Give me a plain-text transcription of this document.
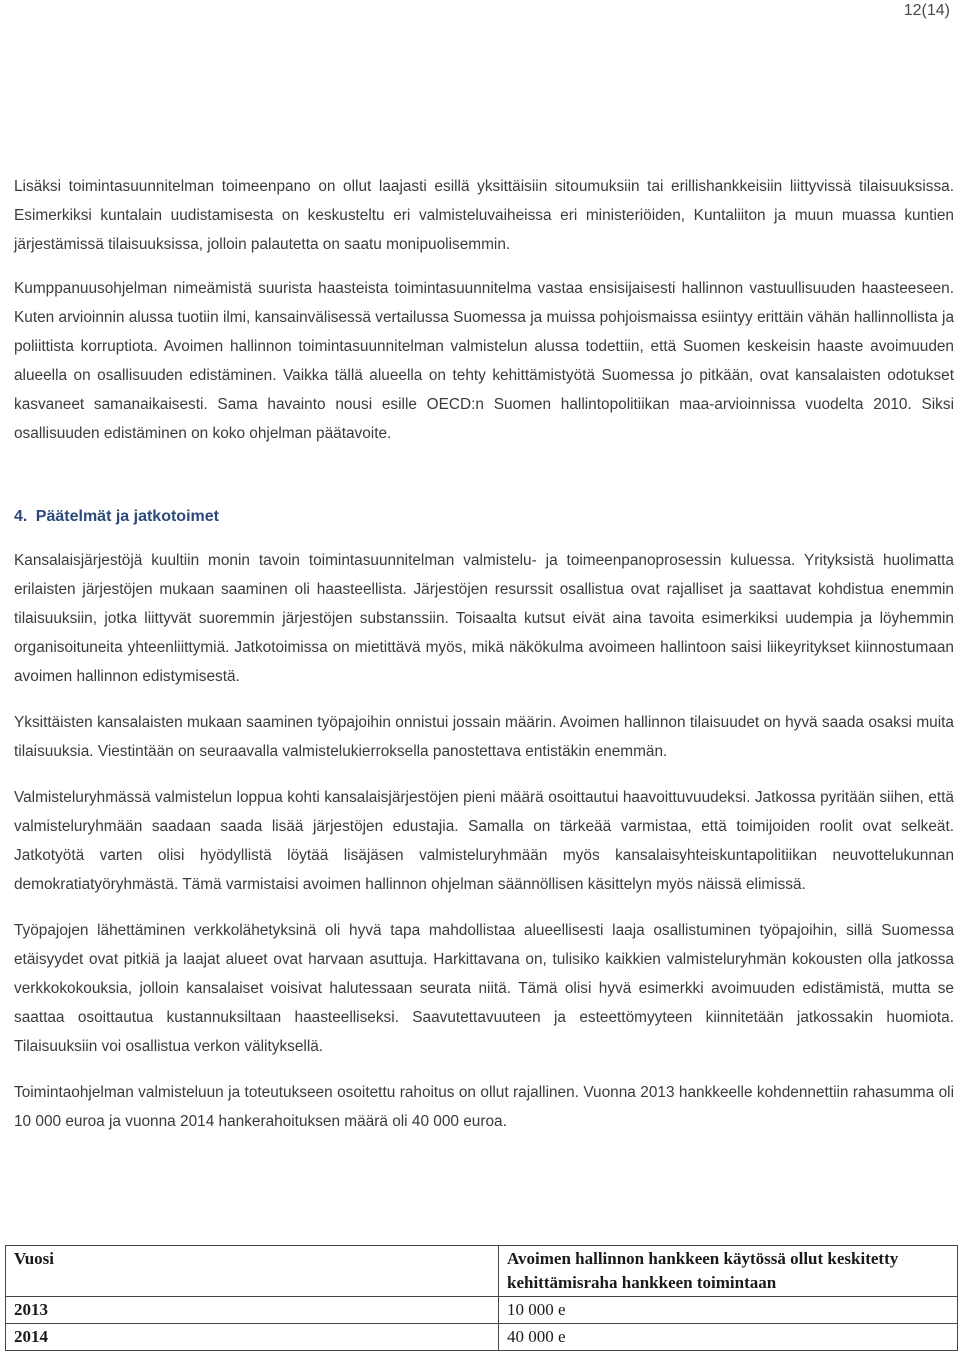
12(14)

Lisäksi toimintasuunnitelman toimeenpano on ollut laajasti esillä yksittäisiin sitoumuksiin tai erillishankkeisiin liittyvissä tilaisuuksissa. Esimerkiksi kuntalain uudistamisesta on keskusteltu eri valmisteluvaiheissa eri ministeriöiden, Kuntaliiton ja muun muassa kuntien järjestämissä tilaisuuksissa, jolloin palautetta on saatu monipuolisemmin.

Kumppanuusohjelman nimeämistä suurista haasteista toimintasuunnitelma vastaa ensisijaisesti hallinnon vastuullisuuden haasteeseen. Kuten arvioinnin alussa tuotiin ilmi, kansainvälisessä vertailussa Suomessa ja muissa pohjoismaissa esiintyy erittäin vähän hallinnollista ja poliittista korruptiota. Avoimen hallinnon toimintasuunnitelman valmistelun alussa todettiin, että Suomen keskeisin haaste avoimuuden alueella on osallisuuden edistäminen. Vaikka tällä alueella on tehty kehittämistyötä Suomessa jo pitkään, ovat kansalaisten odotukset kasvaneet samanaikaisesti. Sama havainto nousi esille OECD:n Suomen hallintopolitiikan maa-arvioinnissa vuodelta 2010. Siksi osallisuuden edistäminen on koko ohjelman päätavoite.

4. Päätelmät ja jatkotoimet

Kansalaisjärjestöjä kuultiin monin tavoin toimintasuunnitelman valmistelu- ja toimeenpanoprosessin kuluessa. Yrityksistä huolimatta erilaisten järjestöjen mukaan saaminen oli haasteellista. Järjestöjen resurssit osallistua ovat rajalliset ja saattavat kohdistua enemmin tilaisuuksiin, jotka liittyvät suoremmin järjestöjen substanssiin. Toisaalta kutsut eivät aina tavoita esimerkiksi uudempia ja löyhemmin organisoituneita yhteenliittymiä. Jatkotoimissa on mietittävä myös, mikä näkökulma avoimeen hallintoon saisi liikeyritykset kiinnostumaan avoimen hallinnon edistymisestä.

Yksittäisten kansalaisten mukaan saaminen työpajoihin onnistui jossain määrin. Avoimen hallinnon tilaisuudet on hyvä saada osaksi muita tilaisuuksia. Viestintään on seuraavalla valmistelukierroksella panostettava entistäkin enemmän.

Valmisteluryhmässä valmistelun loppua kohti kansalaisjärjestöjen pieni määrä osoittautui haavoittuvuudeksi. Jatkossa pyritään siihen, että valmisteluryhmään saadaan saada lisää järjestöjen edustajia. Samalla on tärkeää varmistaa, että toimijoiden roolit ovat selkeät. Jatkotyötä varten olisi hyödyllistä löytää lisäjäsen valmisteluryhmään myös kansalaisyhteiskuntapolitiikan neuvottelukunnan demokratiatyöryhmästä. Tämä varmistaisi avoimen hallinnon ohjelman säännöllisen käsittelyn myös näissä elimissä.

Työpajojen lähettäminen verkkolähetyksinä oli hyvä tapa mahdollistaa alueellisesti laaja osallistuminen työpajoihin, sillä Suomessa etäisyydet ovat pitkiä ja laajat alueet ovat harvaan asuttuja. Harkittavana on, tulisiko kaikkien valmisteluryhmän kokousten olla jatkossa verkkokokouksia, jolloin kansalaiset voisivat halutessaan seurata niitä. Tämä olisi hyvä esimerkki avoimuuden edistämistä, mutta se saattaa osoittautua kustannuksiltaan haasteelliseksi. Saavutettavuuteen ja esteettömyyteen kiinnitetään jatkossakin huomiota. Tilaisuuksiin voi osallistua verkon välityksellä.

Toimintaohjelman valmisteluun ja toteutukseen osoitettu rahoitus on ollut rajallinen. Vuonna 2013 hankkeelle kohdennettiin rahasumma oli 10 000 euroa ja vuonna 2014 hankerahoituksen määrä oli 40 000 euroa.

Vuosi	Avoimen hallinnon hankkeen käytössä ollut keskitetty kehittämisraha hankkeen toimintaan
2013	10 000 e
2014	40 000 e
